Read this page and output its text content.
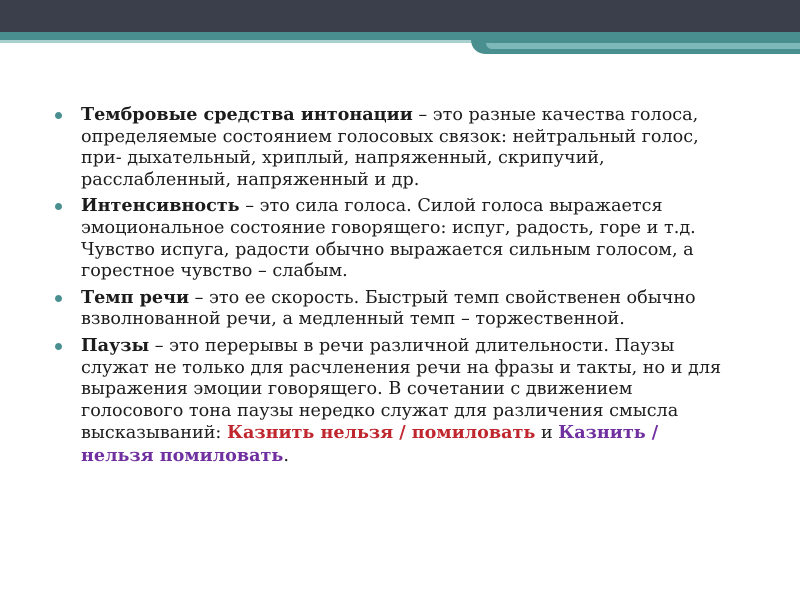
Тембровые средства интонации – это разные качества голоса, определяемые состоянием голосовых связок: нейтральный голос, при- дыхательный, хриплый, напряженный, скрипучий, расслабленный, напряженный и др.
Интенсивность – это сила голоса. Силой голоса выражается эмоциональное состояние говорящего: испуг, радость, горе и т.д. Чувство испуга, радости обычно выражается сильным голосом, а горестное чувство – слабым.
Темп речи – это ее скорость. Быстрый темп свойственен обычно взволнованной речи, а медленный темп – торжественной.
Паузы – это перерывы в речи различной длительности. Паузы служат не только для расчленения речи на фразы и такты, но и для выражения эмоции говорящего. В сочетании с движением голосового тона паузы нередко служат для различения смысла высказываний: Казнить нельзя / помиловать и Казнить / нельзя помиловать.
